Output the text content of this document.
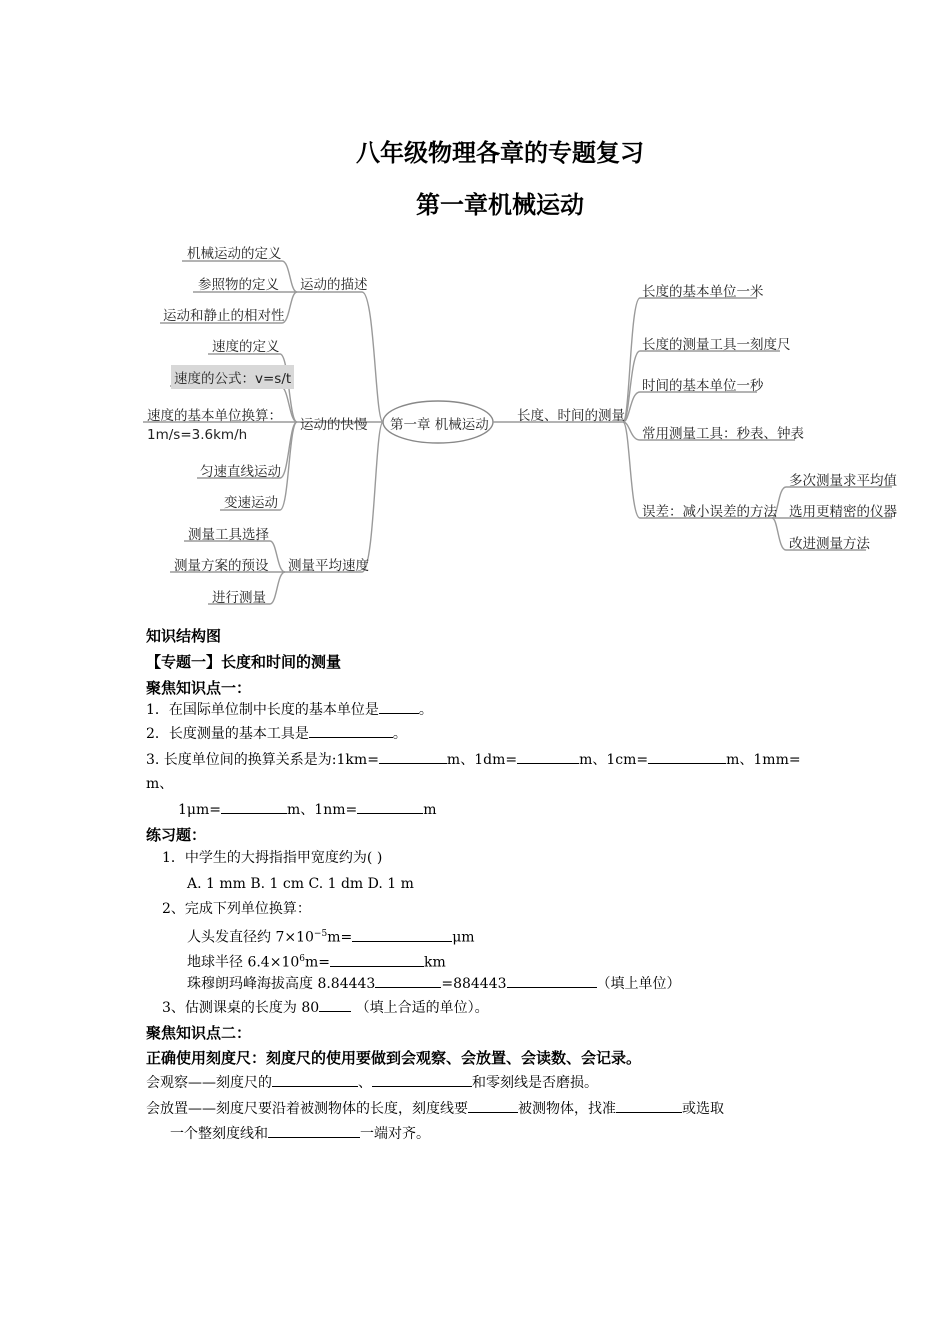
八年级物理各章的专题复习
第一章机械运动
第一章 机械运动
运动的描述
机械运动的定义
参照物的定义
运动和静止的相对性
运动的快慢
速度的定义
速度的公式：v=s/t
速度的基本单位换算：
1m/s=3.6km/h
匀速直线运动
变速运动
测量平均速度
测量工具选择
测量方案的预设
进行测量
长度、时间的测量
长度的基本单位一米
长度的测量工具一刻度尺
时间的基本单位一秒
常用测量工具：秒表、钟表
误差：减小误差的方法
多次测量求平均值
选用更精密的仪器
改进测量方法
知识结构图
【专题一】长度和时间的测量
聚焦知识点一：
1．在国际单位制中长度的基本单位是	。
2．长度测量的基本工具是	。
3. 长度单位间的换算关系是为:1km=	m、1dm=	m、1cm=	m、1mm=
m、
1μm=	m、1nm=	m
练习题：
1．中学生的大拇指指甲宽度约为( )
A. 1 mm B. 1 cm C. 1 dm D. 1 m
2、完成下列单位换算：
人头发直径约 $7\times 10^{-5}m=$	μm
地球半径 $6.4\times 10^6m=$	km
珠穆朗玛峰海拔高度 8.84443	=884443	（填上单位）
3、估测课桌的长度为 80 （填上合适的单位）。
聚焦知识点二：
正确使用刻度尺：刻度尺的使用要做到会观察、会放置、会读数、会记录。
会观察——刻度尺的	、	和零刻线是否磨损。
会放置——刻度尺要沿着被测物体的长度，刻度线要	被测物体，找准	或选取
一个整刻度线和	一端对齐。
